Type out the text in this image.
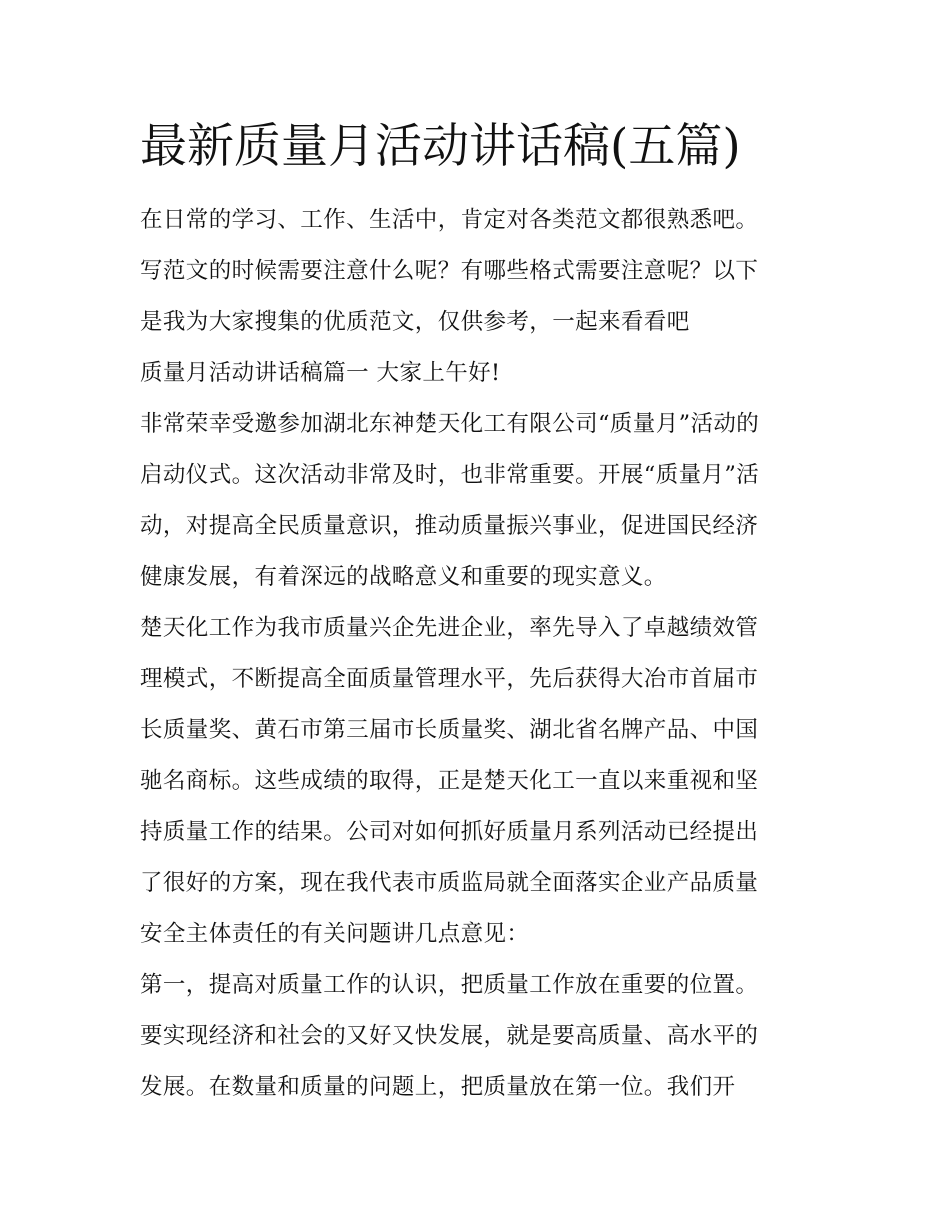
最新质量月活动讲话稿(五篇)
在日常的学习、工作、生活中，肯定对各类范文都很熟悉吧。
写范文的时候需要注意什么呢？有哪些格式需要注意呢？以下
是我为大家搜集的优质范文，仅供参考，一起来看看吧
质量月活动讲话稿篇一 大家上午好!
非常荣幸受邀参加湖北东神楚天化工有限公司“质量月”活动的
启动仪式。这次活动非常及时，也非常重要。开展“质量月”活
动，对提高全民质量意识，推动质量振兴事业，促进国民经济
健康发展，有着深远的战略意义和重要的现实意义。
楚天化工作为我市质量兴企先进企业，率先导入了卓越绩效管
理模式，不断提高全面质量管理水平，先后获得大冶市首届市
长质量奖、黄石市第三届市长质量奖、湖北省名牌产品、中国
驰名商标。这些成绩的取得，正是楚天化工一直以来重视和坚
持质量工作的结果。公司对如何抓好质量月系列活动已经提出
了很好的方案，现在我代表市质监局就全面落实企业产品质量
安全主体责任的有关问题讲几点意见：
第一，提高对质量工作的认识，把质量工作放在重要的位置。
要实现经济和社会的又好又快发展，就是要高质量、高水平的
发展。在数量和质量的问题上，把质量放在第一位。我们开
